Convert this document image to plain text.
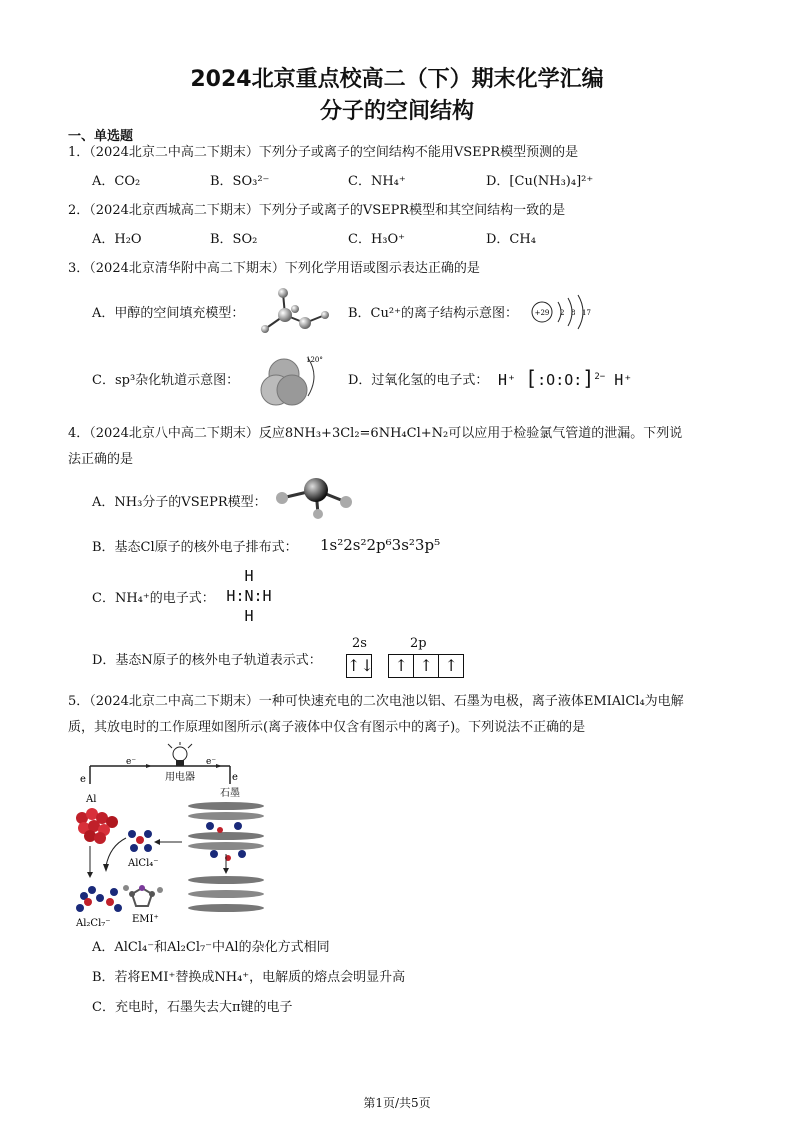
2024北京重点校高二（下）期末化学汇编
分子的空间结构
一、单选题
1．（2024北京二中高二下期末）下列分子或离子的空间结构不能用VSEPR模型预测的是
A．CO₂	B．SO₃²⁻	C．NH₄⁺	D．[Cu(NH₃)₄]²⁺
2．（2024北京西城高二下期末）下列分子或离子的VSEPR模型和其空间结构一致的是
A．H₂O	B．SO₂	C．H₃O⁺	D．CH₄
3．（2024北京清华附中高二下期末）下列化学用语或图示表达正确的是
A．甲醇的空间填充模型：	B．Cu²⁺的离子结构示意图： +29 2 8 17
C．sp³杂化轨道示意图：
120°
D．过氧化氢的电子式： H⁺ [:O:O:]$^{2-}$ H⁺
4．（2024北京八中高二下期末）反应8NH₃+3Cl₂=6NH₄Cl+N₂可以应用于检验氯气管道的泄漏。下列说
法正确的是
A．NH₃分子的VSEPR模型：
B．基态Cl原子的核外电子排布式： 1s²2s²2p⁶3s²3p⁵
C．NH₄⁺的电子式：
H
H:N:H
H
D．基态N原子的核外电子轨道表示式：
2s	2p
↑↓ ↑ ↑ ↑
5．（2024北京二中高二下期末）一种可快速充电的二次电池以铝、石墨为电极，离子液体EMIAlCl₄为电解
质，其放电时的工作原理如图所示(离子液体中仅含有图示中的离子)。下列说法不正确的是
用电器
e
e⁻	e⁻
e
Al
石墨
AlCl₄⁻
Al₂Cl₇⁻ EMI⁺
A．AlCl₄⁻和Al₂Cl₇⁻中Al的杂化方式相同
B．若将EMI⁺替换成NH₄⁺，电解质的熔点会明显升高
C．充电时，石墨失去大π键的电子
第1页/共5页
